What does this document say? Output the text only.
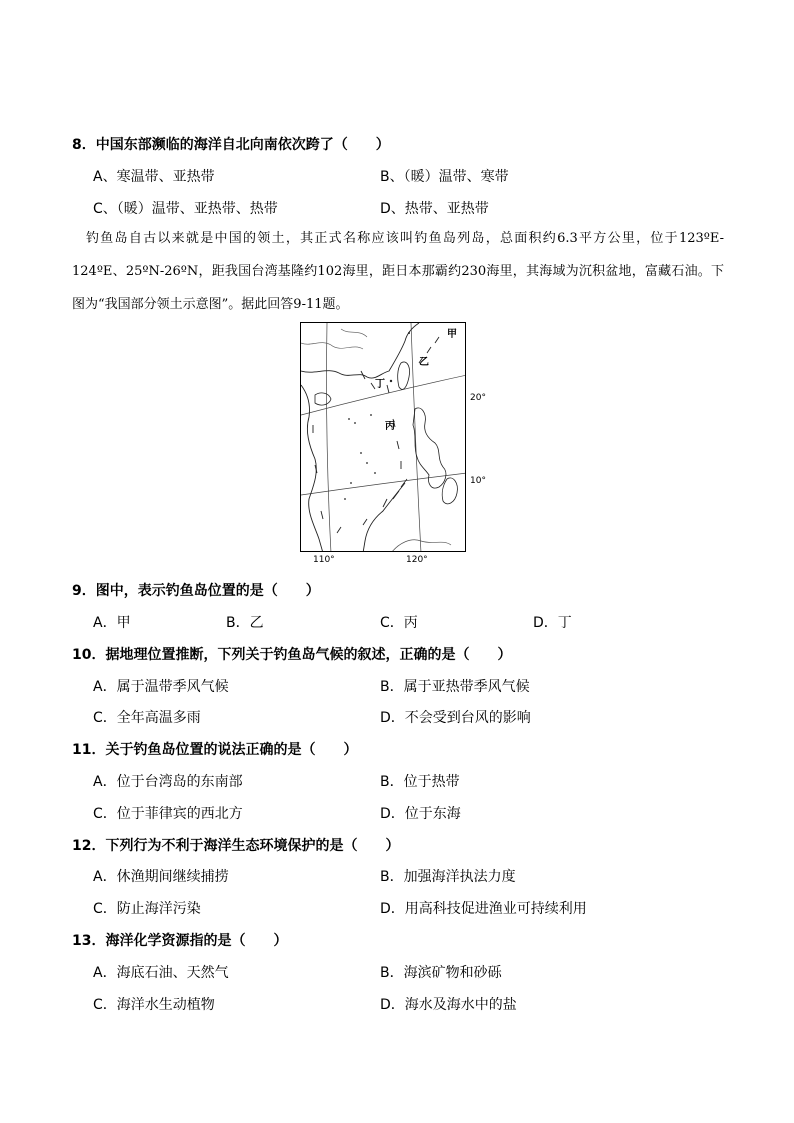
8．中国东部濒临的海洋自北向南依次跨了（　　）
A、寒温带、亚热带	B、（暖）温带、寒带
C、（暖）温带、亚热带、热带	D、热带、亚热带
钓鱼岛自古以来就是中国的领土，其正式名称应该叫钓鱼岛列岛，总面积约6.3平方公里，位于123ºE-124ºE、25ºN-26ºN，距我国台湾基隆约102海里，距日本那霸约230海里，其海域为沉积盆地，富藏石油。下图为“我国部分领土示意图”。据此回答9-11题。
甲
乙
丁
丙
20°
10°
110°	120°
9．图中，表示钓鱼岛位置的是（　　）
A．甲	B．乙	C．丙	D．丁
10．据地理位置推断，下列关于钓鱼岛气候的叙述，正确的是（　　）
A．属于温带季风气候	B．属于亚热带季风气候
C．全年高温多雨	D．不会受到台风的影响
11．关于钓鱼岛位置的说法正确的是（　　）
A．位于台湾岛的东南部	B．位于热带
C．位于菲律宾的西北方	D．位于东海
12．下列行为不利于海洋生态环境保护的是（　　）
A．休渔期间继续捕捞	B．加强海洋执法力度
C．防止海洋污染	D．用高科技促进渔业可持续利用
13．海洋化学资源指的是（　　）
A．海底石油、天然气	B．海滨矿物和砂砾
C．海洋水生动植物	D．海水及海水中的盐
